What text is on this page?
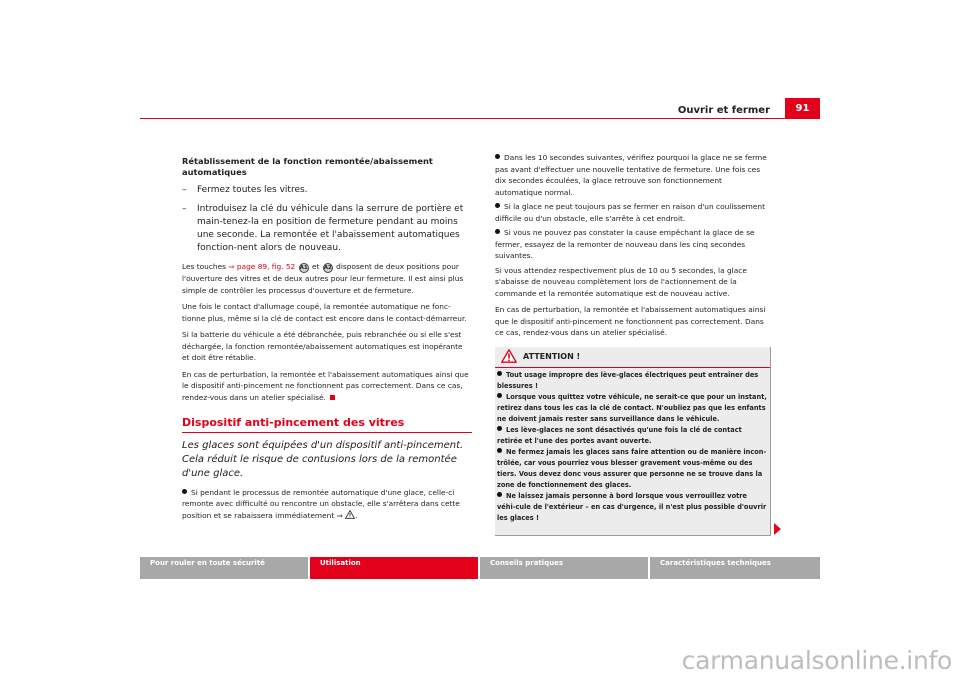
Ouvrir et fermer	91
Rétablissement de la fonction remontée/abaissement automatiques
– Fermez toutes les vitres.
– Introduisez la clé du véhicule dans la serrure de portière et main-tenez-la en position de fermeture pendant au moins une seconde. La remontée et l'abaissement automatiques fonction-nent alors de nouveau.

Les touches ⇒ page 89, fig. 52 A1 et A2 disposent de deux positions pour l'ouverture des vitres et de deux autres pour leur fermeture. Il est ainsi plus simple de contrôler les processus d'ouverture et de fermeture.

Une fois le contact d'allumage coupé, la remontée automatique ne fonc-tionne plus, même si la clé de contact est encore dans le contact-démarreur.

Si la batterie du véhicule a été débranchée, puis rebranchée ou si elle s'est déchargée, la fonction remontée/abaissement automatiques est inopérante et doit être rétablie.

En cas de perturbation, la remontée et l'abaissement automatiques ainsi que le dispositif anti-pincement ne fonctionnent pas correctement. Dans ce cas, rendez-vous dans un atelier spécialisé.

Dispositif anti-pincement des vitres
Les glaces sont équipées d'un dispositif anti-pincement. Cela réduit le risque de contusions lors de la remontée d'une glace.
Si pendant le processus de remontée automatique d'une glace, celle-ci remonte avec difficulté ou rencontre un obstacle, elle s'arrêtera dans cette position et se rabaissera immédiatement ⇒ .
Dans les 10 secondes suivantes, vérifiez pourquoi la glace ne se ferme pas avant d'effectuer une nouvelle tentative de fermeture. Une fois ces dix secondes écoulées, la glace retrouve son fonctionnement automatique normal.
Si la glace ne peut toujours pas se fermer en raison d'un coulissement difficile ou d'un obstacle, elle s'arrête à cet endroit.
Si vous ne pouvez pas constater la cause empêchant la glace de se fermer, essayez de la remonter de nouveau dans les cinq secondes suivantes.

Si vous attendez respectivement plus de 10 ou 5 secondes, la glace s'abaisse de nouveau complètement lors de l'actionnement de la commande et la remontée automatique est de nouveau active.

En cas de perturbation, la remontée et l'abaissement automatiques ainsi que le dispositif anti-pincement ne fonctionnent pas correctement. Dans ce cas, rendez-vous dans un atelier spécialisé.

ATTENTION !
Tout usage impropre des lève-glaces électriques peut entraîner des blessures !
Lorsque vous quittez votre véhicule, ne serait-ce que pour un instant, retirez dans tous les cas la clé de contact. N'oubliez pas que les enfants ne doivent jamais rester sans surveillance dans le véhicule.
Les lève-glaces ne sont désactivés qu'une fois la clé de contact retirée et l'une des portes avant ouverte.
Ne fermez jamais les glaces sans faire attention ou de manière incon-trôlée, car vous pourriez vous blesser gravement vous-même ou des tiers. Vous devez donc vous assurer que personne ne se trouve dans la zone de fonctionnement des glaces.
Ne laissez jamais personne à bord lorsque vous verrouillez votre véhi-cule de l'extérieur – en cas d'urgence, il n'est plus possible d'ouvrir les glaces !
Pour rouler en toute sécurité	Utilisation	Conseils pratiques	Caractéristiques techniques
carmanualsonline.info
